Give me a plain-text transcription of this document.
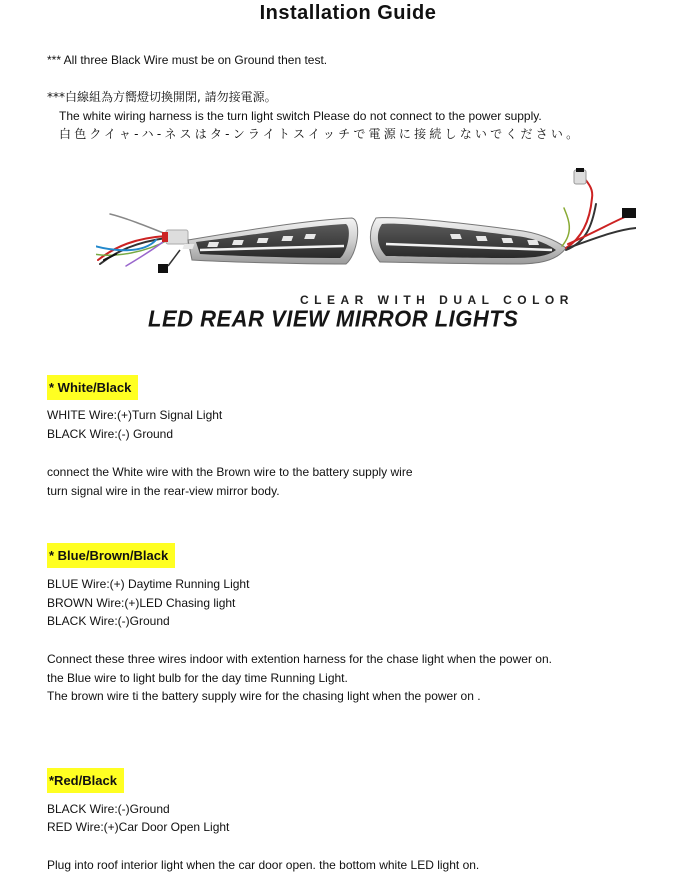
Installation Guide
*** All three Black Wire must be on Ground then test.
***白線組為方嚮燈切換開閉, 請勿接電源。
The white wiring harness is the turn light switch Please do not connect to the power supply.
白色クイャ-ハ-ネスはタ-ンライトスイッチで電源に接続しないでください。
CLEAR WITH DUAL COLOR
LED REAR VIEW MIRROR LIGHTS
* White/Black
WHITE Wire:(+)Turn Signal Light
BLACK Wire:(-) Ground
connect the White wire with the Brown wire to the battery supply wire
turn signal wire in the rear-view mirror body.
* Blue/Brown/Black
BLUE Wire:(+) Daytime Running Light
BROWN Wire:(+)LED Chasing light
BLACK Wire:(-)Ground
Connect these three wires indoor with extention harness for the chase light when the power on.
the Blue wire to light bulb for the day time Running Light.
The brown wire ti the battery supply wire for the chasing light when the power on .
*Red/Black
BLACK Wire:(-)Ground
RED Wire:(+)Car Door Open Light
Plug into roof interior light when the car door open. the bottom white LED light on.
